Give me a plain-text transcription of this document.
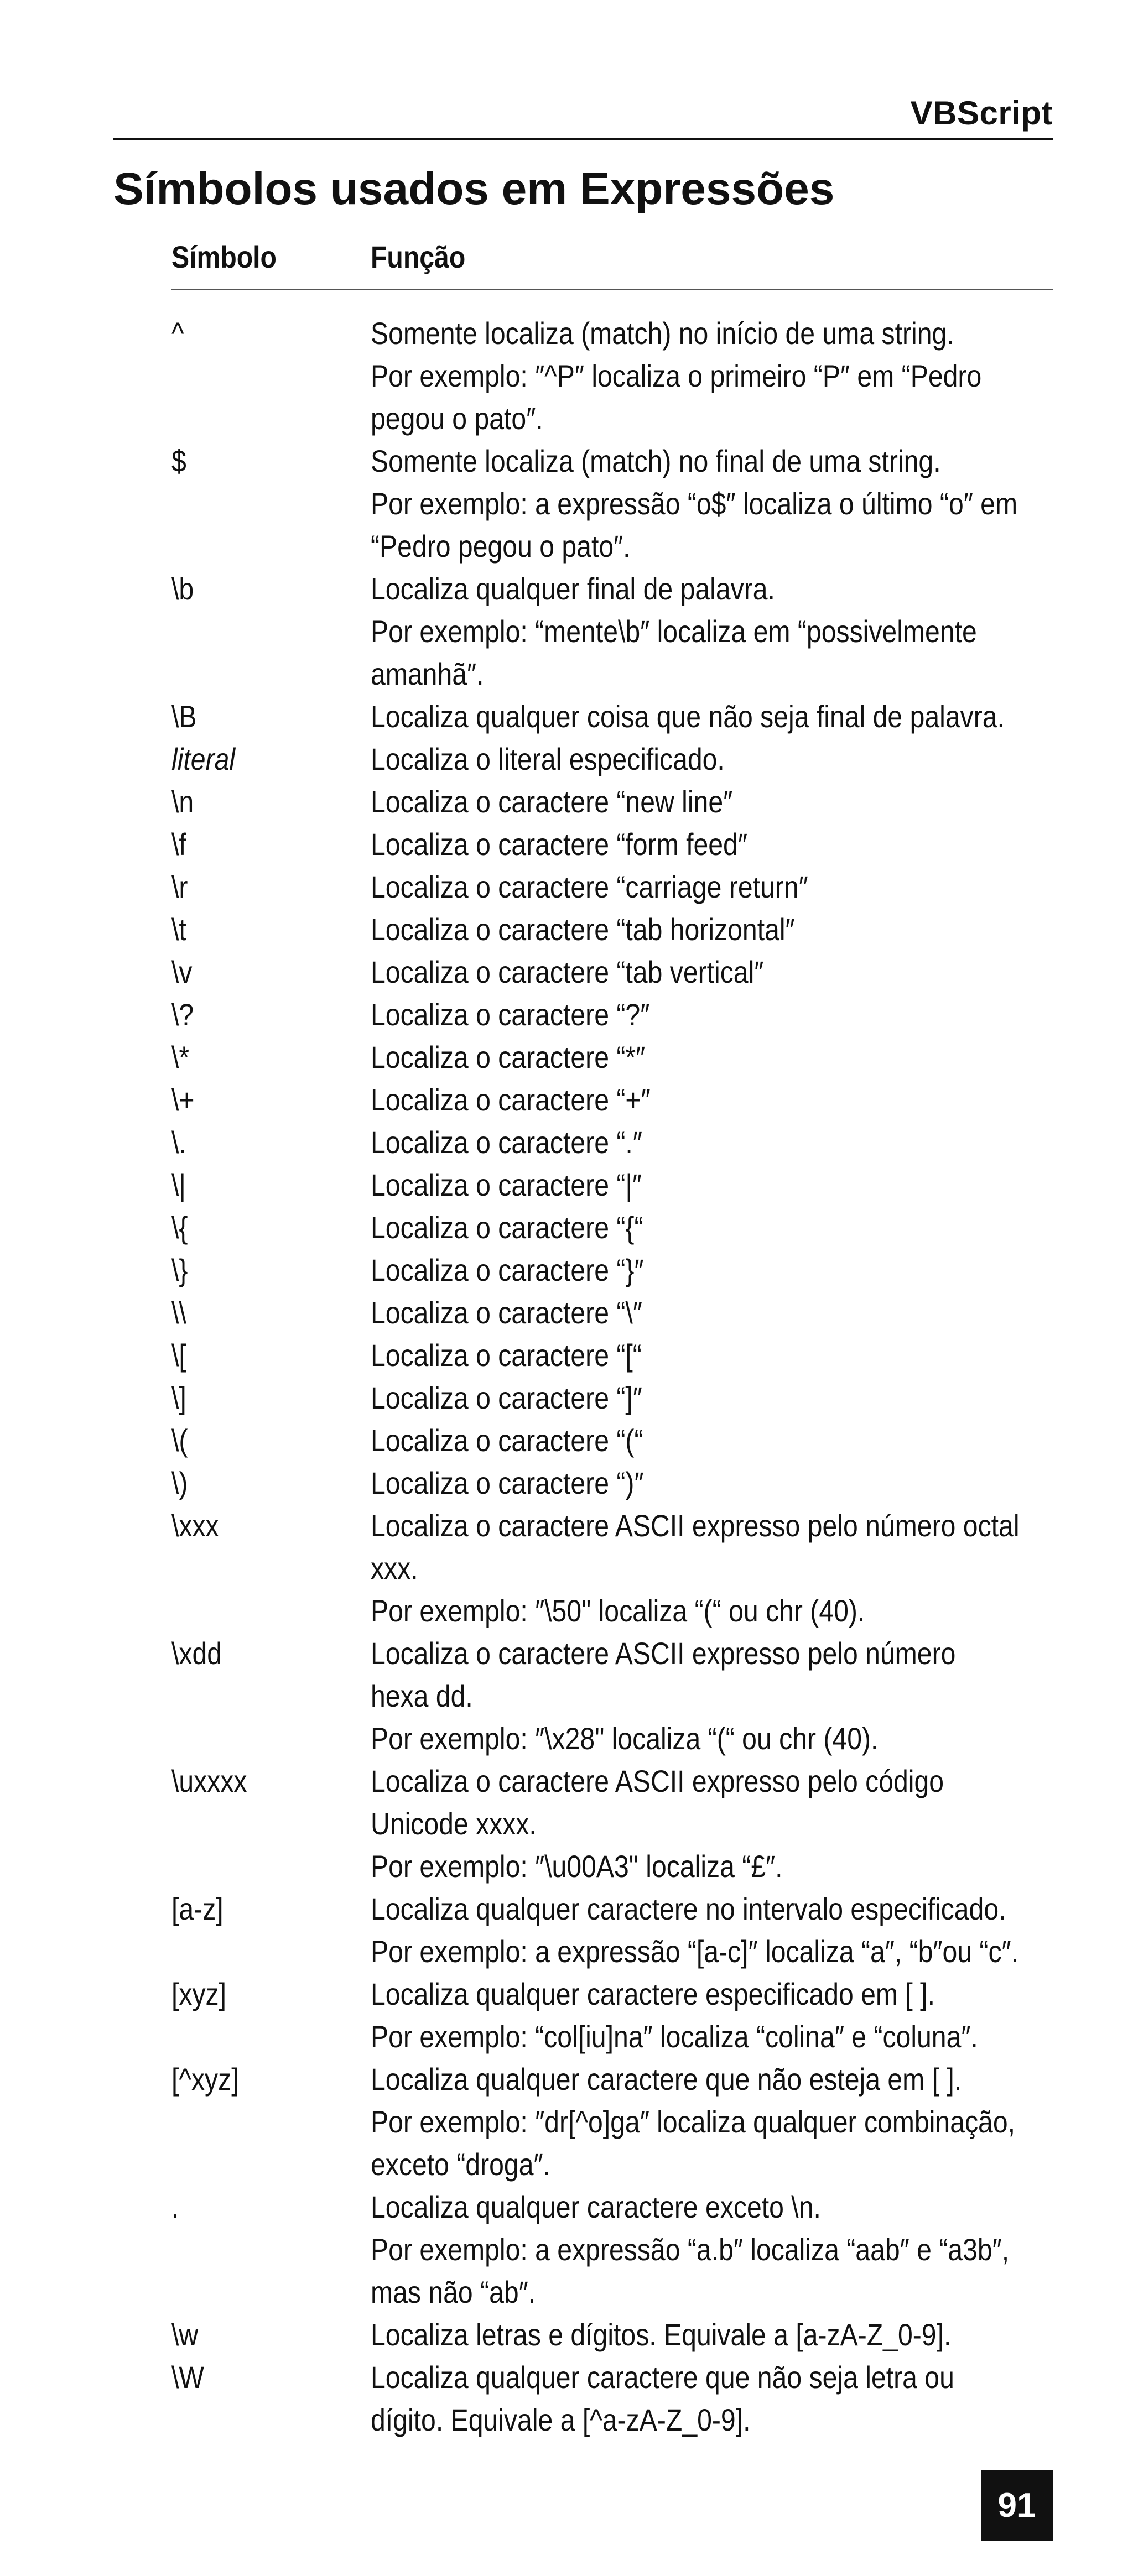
VBScript
Símbolos usados em Expressões
Símbolo	Função
^	Somente localiza (match) no início de uma string.
Por exemplo: ″^P″ localiza o primeiro “P″ em “Pedro
pegou o pato″.
$	Somente localiza (match) no final de uma string.
Por exemplo: a expressão “o$″ localiza o último “o″ em
“Pedro pegou o pato″.
\b	Localiza qualquer final de palavra.
Por exemplo: “mente\b″ localiza em “possivelmente
amanhã″.
\B	Localiza qualquer coisa que não seja final de palavra.
literal	Localiza o literal especificado.
\n	Localiza o caractere “new line″
\f	Localiza o caractere “form feed″
\r	Localiza o caractere “carriage return″
\t	Localiza o caractere “tab horizontal″
\v	Localiza o caractere “tab vertical″
\?	Localiza o caractere “?″
\*	Localiza o caractere “*″
\+	Localiza o caractere “+″
\.	Localiza o caractere “.″
\|	Localiza o caractere “|″
\{	Localiza o caractere “{“
\}	Localiza o caractere “}″
\\	Localiza o caractere “\″
\[	Localiza o caractere “[“
\]	Localiza o caractere “]″
\(	Localiza o caractere “(“
\)	Localiza o caractere “)″
\xxx	Localiza o caractere ASCII expresso pelo número octal
xxx.
Por exemplo: ″\50" localiza “(“ ou chr (40).
\xdd	Localiza o caractere ASCII expresso pelo número
hexa dd.
Por exemplo: ″\x28" localiza “(“ ou chr (40).
\uxxxx	Localiza o caractere ASCII expresso pelo código
Unicode xxxx.
Por exemplo: ″\u00A3" localiza “£″.
[a-z]	Localiza qualquer caractere no intervalo especificado.
Por exemplo: a expressão “[a-c]″ localiza “a″, “b″ou “c″.
[xyz]	Localiza qualquer caractere especificado em [ ].
Por exemplo: “col[iu]na″ localiza “colina″ e “coluna″.
[^xyz]	Localiza qualquer caractere que não esteja em [ ].
Por exemplo: ″dr[^o]ga″ localiza qualquer combinação,
exceto “droga″.
.	Localiza qualquer caractere exceto \n.
Por exemplo: a expressão “a.b″ localiza “aab″ e “a3b″,
mas não “ab″.
\w	Localiza letras e dígitos. Equivale a [a-zA-Z_0-9].
\W	Localiza qualquer caractere que não seja letra ou
dígito. Equivale a [^a-zA-Z_0-9].
91
